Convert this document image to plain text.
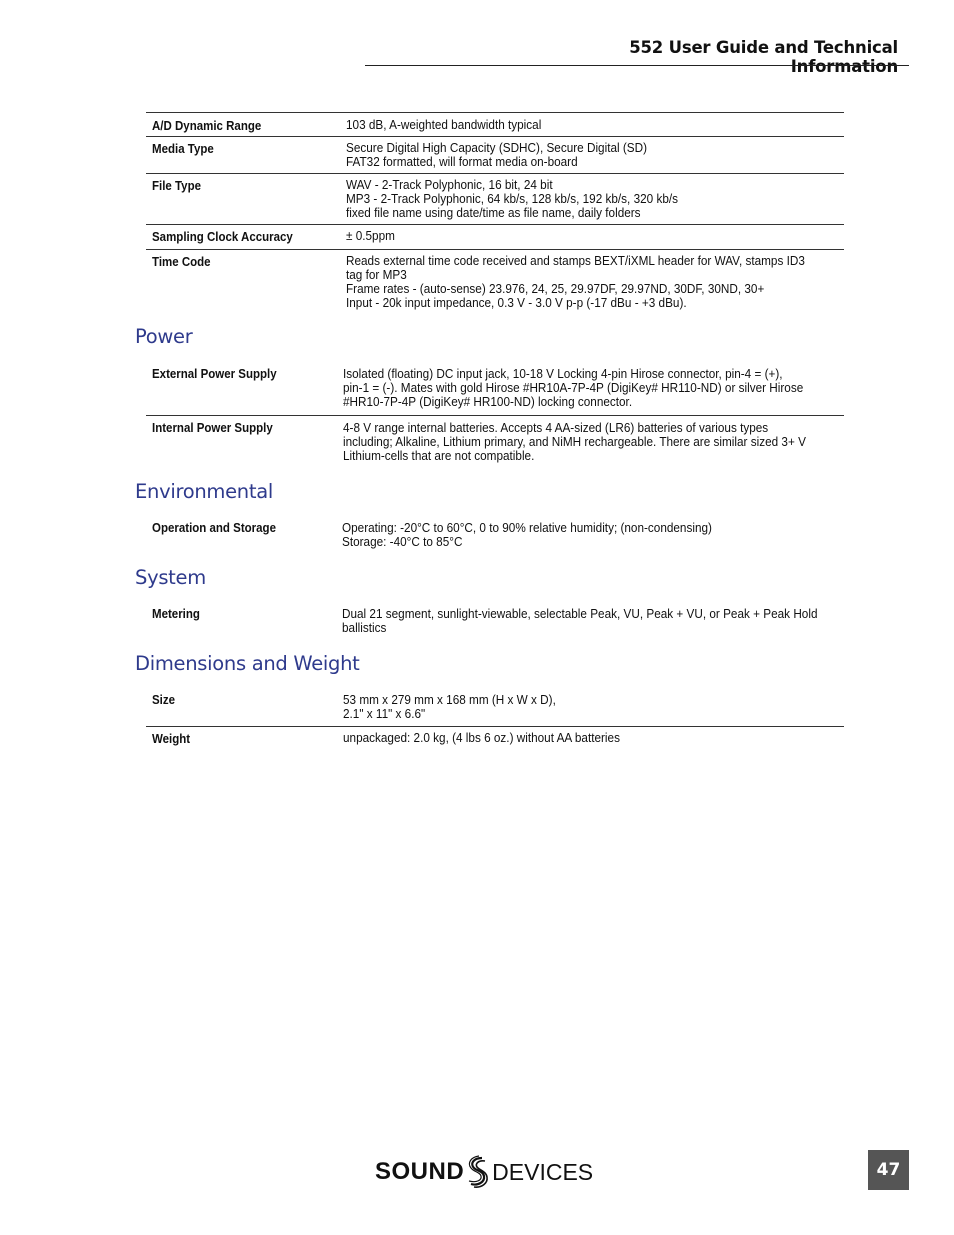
552 User Guide and Technical Information
A/D Dynamic Range	103 dB, A-weighted bandwidth typical
Media Type	Secure Digital High Capacity (SDHC), Secure Digital (SD)
FAT32 formatted, will format media on-board
File Type	WAV - 2-Track Polyphonic, 16 bit, 24 bit
MP3 - 2-Track Polyphonic, 64 kb/s, 128 kb/s, 192 kb/s, 320 kb/s
fixed file name using date/time as file name, daily folders
Sampling Clock Accuracy	± 0.5ppm
Time Code	Reads external time code received and stamps BEXT/iXML header for WAV, stamps ID3
tag for MP3
Frame rates - (auto-sense) 23.976, 24, 25, 29.97DF, 29.97ND, 30DF, 30ND, 30+
Input - 20k input impedance, 0.3 V - 3.0 V p-p (-17 dBu - +3 dBu).
Power
External Power Supply	Isolated (floating) DC input jack, 10-18 V Locking 4-pin Hirose connector, pin-4 = (+),
pin-1 = (-). Mates with gold Hirose #HR10A-7P-4P (DigiKey# HR110-ND) or silver Hirose
#HR10-7P-4P (DigiKey# HR100-ND) locking connector.
Internal Power Supply	4-8 V range internal batteries. Accepts 4 AA-sized (LR6) batteries of various types
including; Alkaline, Lithium primary, and NiMH rechargeable. There are similar sized 3+ V
Lithium-cells that are not compatible.
Environmental
Operation and Storage	Operating: -20°C to 60°C, 0 to 90% relative humidity; (non-condensing)
Storage: -40°C to 85°C
System
Metering	Dual 21 segment, sunlight-viewable, selectable Peak, VU, Peak + VU, or Peak + Peak Hold
ballistics
Dimensions and Weight
Size	53 mm x 279 mm x 168 mm (H x W x D),
2.1" x 11" x 6.6"
Weight	unpackaged: 2.0 kg, (4 lbs 6 oz.) without AA batteries
SOUND DEVICES	47
